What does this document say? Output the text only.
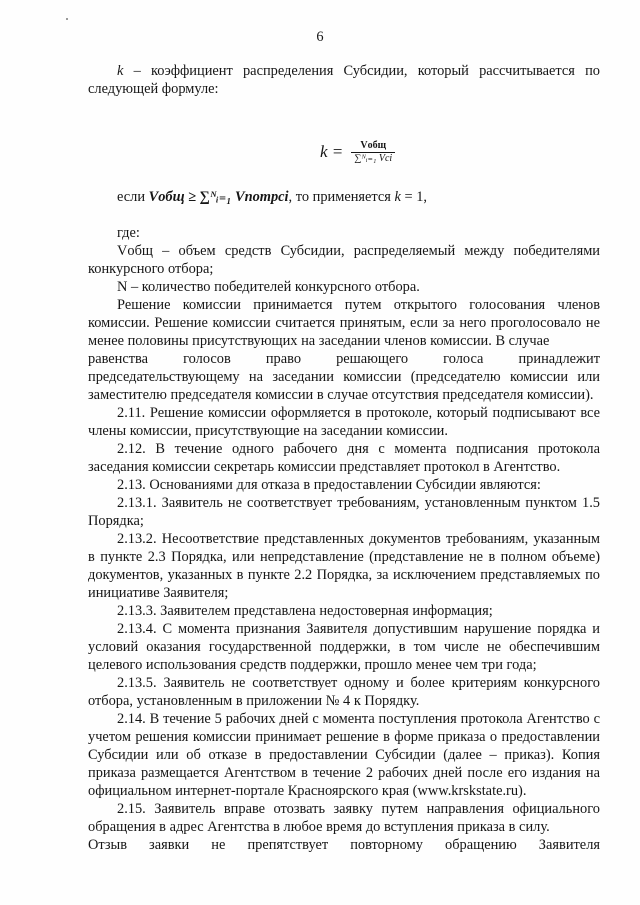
6

k – коэффициент распределения Субсидии, который рассчитывается по следующей формуле:

$k = \frac{\text{Vобщ}}{\text{∑ᴺᵢ₌₁ Vci}}$

если Vобщ ≥ ∑ᴺᵢ₌₁ Vпотрсi, то применяется k = 1,

где:

Vобщ – объем средств Субсидии, распределяемый между победителями конкурсного отбора;

N – количество победителей конкурсного отбора.

Решение комиссии принимается путем открытого голосования членов

комиссии. Решение комиссии считается принятым, если за него проголосовало не менее половины присутствующих на заседании членов комиссии. В случае

равенства голосов право решающего голоса принадлежит

председательствующему на заседании комиссии (председателю комиссии или заместителю председателя комиссии в случае отсутствия председателя комиссии).

2.11. Решение комиссии оформляется в протоколе, который подписывают все члены комиссии, присутствующие на заседании комиссии.

2.12. В течение одного рабочего дня с момента подписания протокола заседания комиссии секретарь комиссии представляет протокол в Агентство.

2.13. Основаниями для отказа в предоставлении Субсидии являются:

2.13.1. Заявитель не соответствует требованиям, установленным пунктом 1.5 Порядка;

2.13.2. Несоответствие представленных документов требованиям, указанным в пункте 2.3 Порядка, или непредставление (представление не в полном объеме) документов, указанных в пункте 2.2 Порядка, за исключением представляемых по инициативе Заявителя;

2.13.3. Заявителем представлена недостоверная информация;

2.13.4. С момента признания Заявителя допустившим нарушение порядка и условий оказания государственной поддержки, в том числе не обеспечившим целевого использования средств поддержки, прошло менее чем три года;

2.13.5. Заявитель не соответствует одному и более критериям конкурсного отбора, установленным в приложении № 4 к Порядку.

2.14. В течение 5 рабочих дней с момента поступления протокола Агентство с учетом решения комиссии принимает решение в форме приказа о предоставлении Субсидии или об отказе в предоставлении Субсидии (далее – приказ). Копия приказа размещается Агентством в течение 2 рабочих дней после его издания на официальном интернет-портале Красноярского края (www.krskstate.ru).

2.15. Заявитель вправе отозвать заявку путем направления официального обращения в адрес Агентства в любое время до вступления приказа в силу.

Отзыв заявки не препятствует повторному обращению Заявителя
